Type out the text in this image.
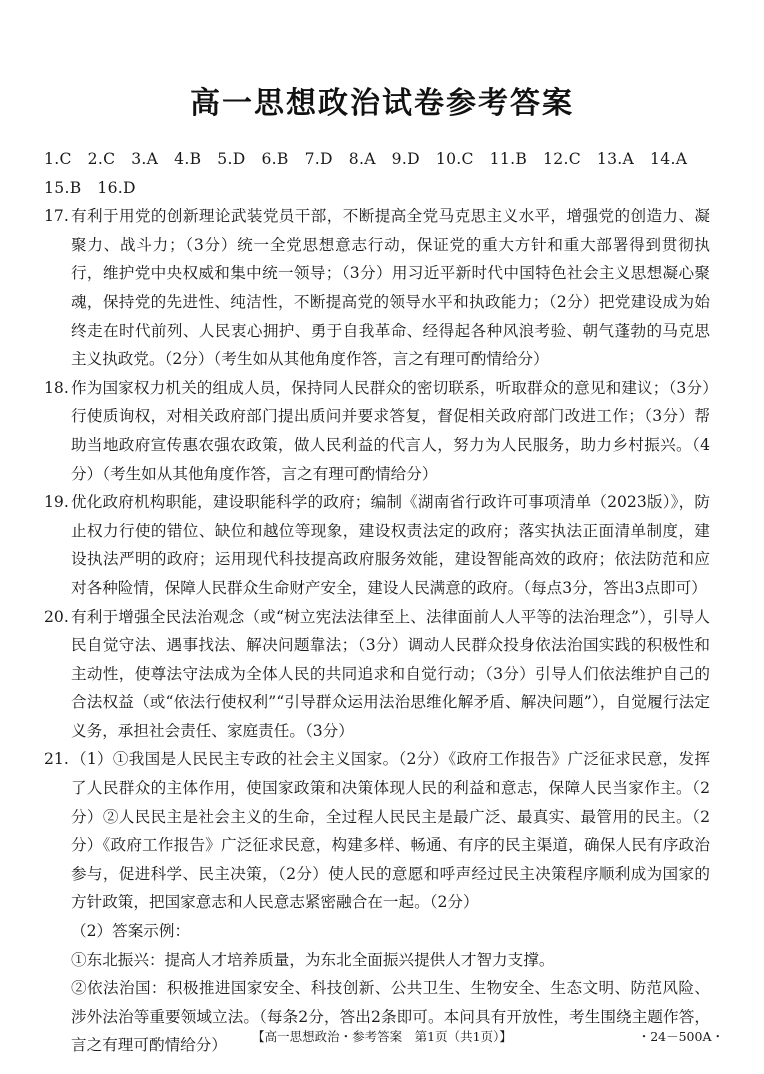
高一思想政治试卷参考答案

1.C　2.C　3.A　4.B　5.D　6.B　7.D　8.A　9.D　10.C　11.B　12.C　13.A　14.A

15.B　16.D

17. 有利于用党的创新理论武装党员干部，不断提高全党马克思主义水平，增强党的创造力、凝聚力、战斗力；（3分）统一全党思想意志行动，保证党的重大方针和重大部署得到贯彻执行，维护党中央权威和集中统一领导；（3分）用习近平新时代中国特色社会主义思想凝心聚魂，保持党的先进性、纯洁性，不断提高党的领导水平和执政能力；（2分）把党建设成为始终走在时代前列、人民衷心拥护、勇于自我革命、经得起各种风浪考验、朝气蓬勃的马克思主义执政党。（2分）（考生如从其他角度作答，言之有理可酌情给分）

18. 作为国家权力机关的组成人员，保持同人民群众的密切联系，听取群众的意见和建议；（3分）行使质询权，对相关政府部门提出质问并要求答复，督促相关政府部门改进工作；（3分）帮助当地政府宣传惠农强农政策，做人民利益的代言人，努力为人民服务，助力乡村振兴。（4分）（考生如从其他角度作答，言之有理可酌情给分）

19. 优化政府机构职能，建设职能科学的政府；编制《湖南省行政许可事项清单（2023版）》，防止权力行使的错位、缺位和越位等现象，建设权责法定的政府；落实执法正面清单制度，建设执法严明的政府；运用现代科技提高政府服务效能，建设智能高效的政府；依法防范和应对各种险情，保障人民群众生命财产安全，建设人民满意的政府。（每点3分，答出3点即可）

20. 有利于增强全民法治观念（或“树立宪法法律至上、法律面前人人平等的法治理念”），引导人民自觉守法、遇事找法、解决问题靠法；（3分）调动人民群众投身依法治国实践的积极性和主动性，使尊法守法成为全体人民的共同追求和自觉行动；（3分）引导人们依法维护自己的合法权益（或“依法行使权利”“引导群众运用法治思维化解矛盾、解决问题”），自觉履行法定义务，承担社会责任、家庭责任。（3分）

21. （1）①我国是人民民主专政的社会主义国家。（2分）《政府工作报告》广泛征求民意，发挥了人民群众的主体作用，使国家政策和决策体现人民的利益和意志，保障人民当家作主。（2分）②人民民主是社会主义的生命，全过程人民民主是最广泛、最真实、最管用的民主。（2分）《政府工作报告》广泛征求民意，构建多样、畅通、有序的民主渠道，确保人民有序政治参与，促进科学、民主决策，（2分）使人民的意愿和呼声经过民主决策程序顺利成为国家的方针政策，把国家意志和人民意志紧密融合在一起。（2分）

（2）答案示例：

①东北振兴：提高人才培养质量，为东北全面振兴提供人才智力支撑。

②依法治国：积极推进国家安全、科技创新、公共卫生、生物安全、生态文明、防范风险、涉外法治等重要领域立法。（每条2分，答出2条即可。本问具有开放性，考生围绕主题作答，言之有理可酌情给分）	【高一思想政治・参考答案　第1页（共1页）】	・24－500A・
